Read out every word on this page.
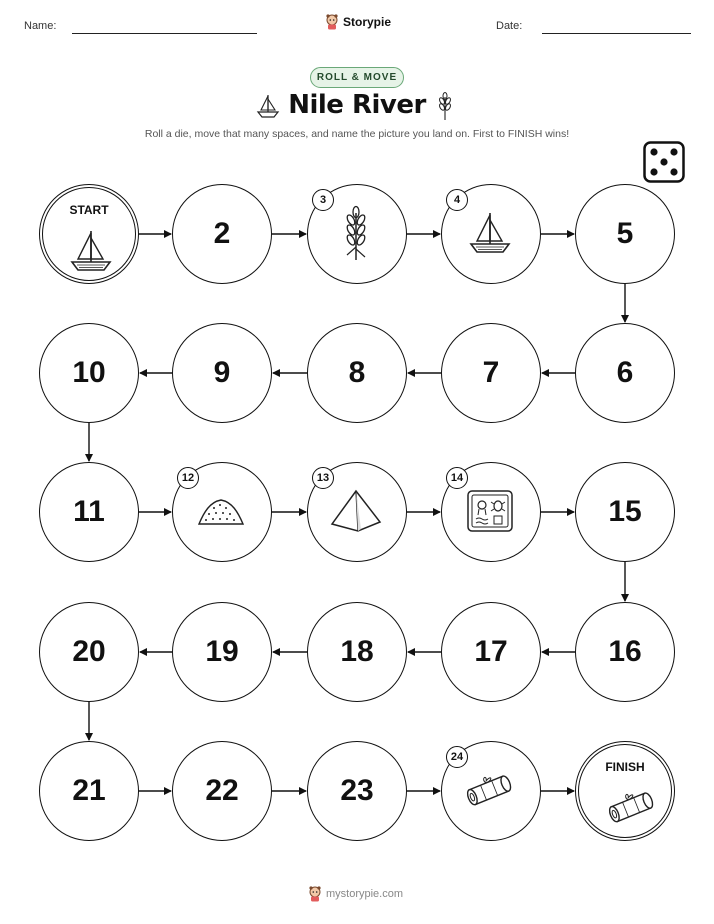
Name:	Storypie	Date:
ROLL & MOVE
Nile River
Roll a die, move that many spaces, and name the picture you land on. First to FINISH wins!
START
2
3	4
5
6
7
8
9
10
11
12	13	14
15
16
17
18
19
20
21	22	23
24
FINISH
mystorypie.com
